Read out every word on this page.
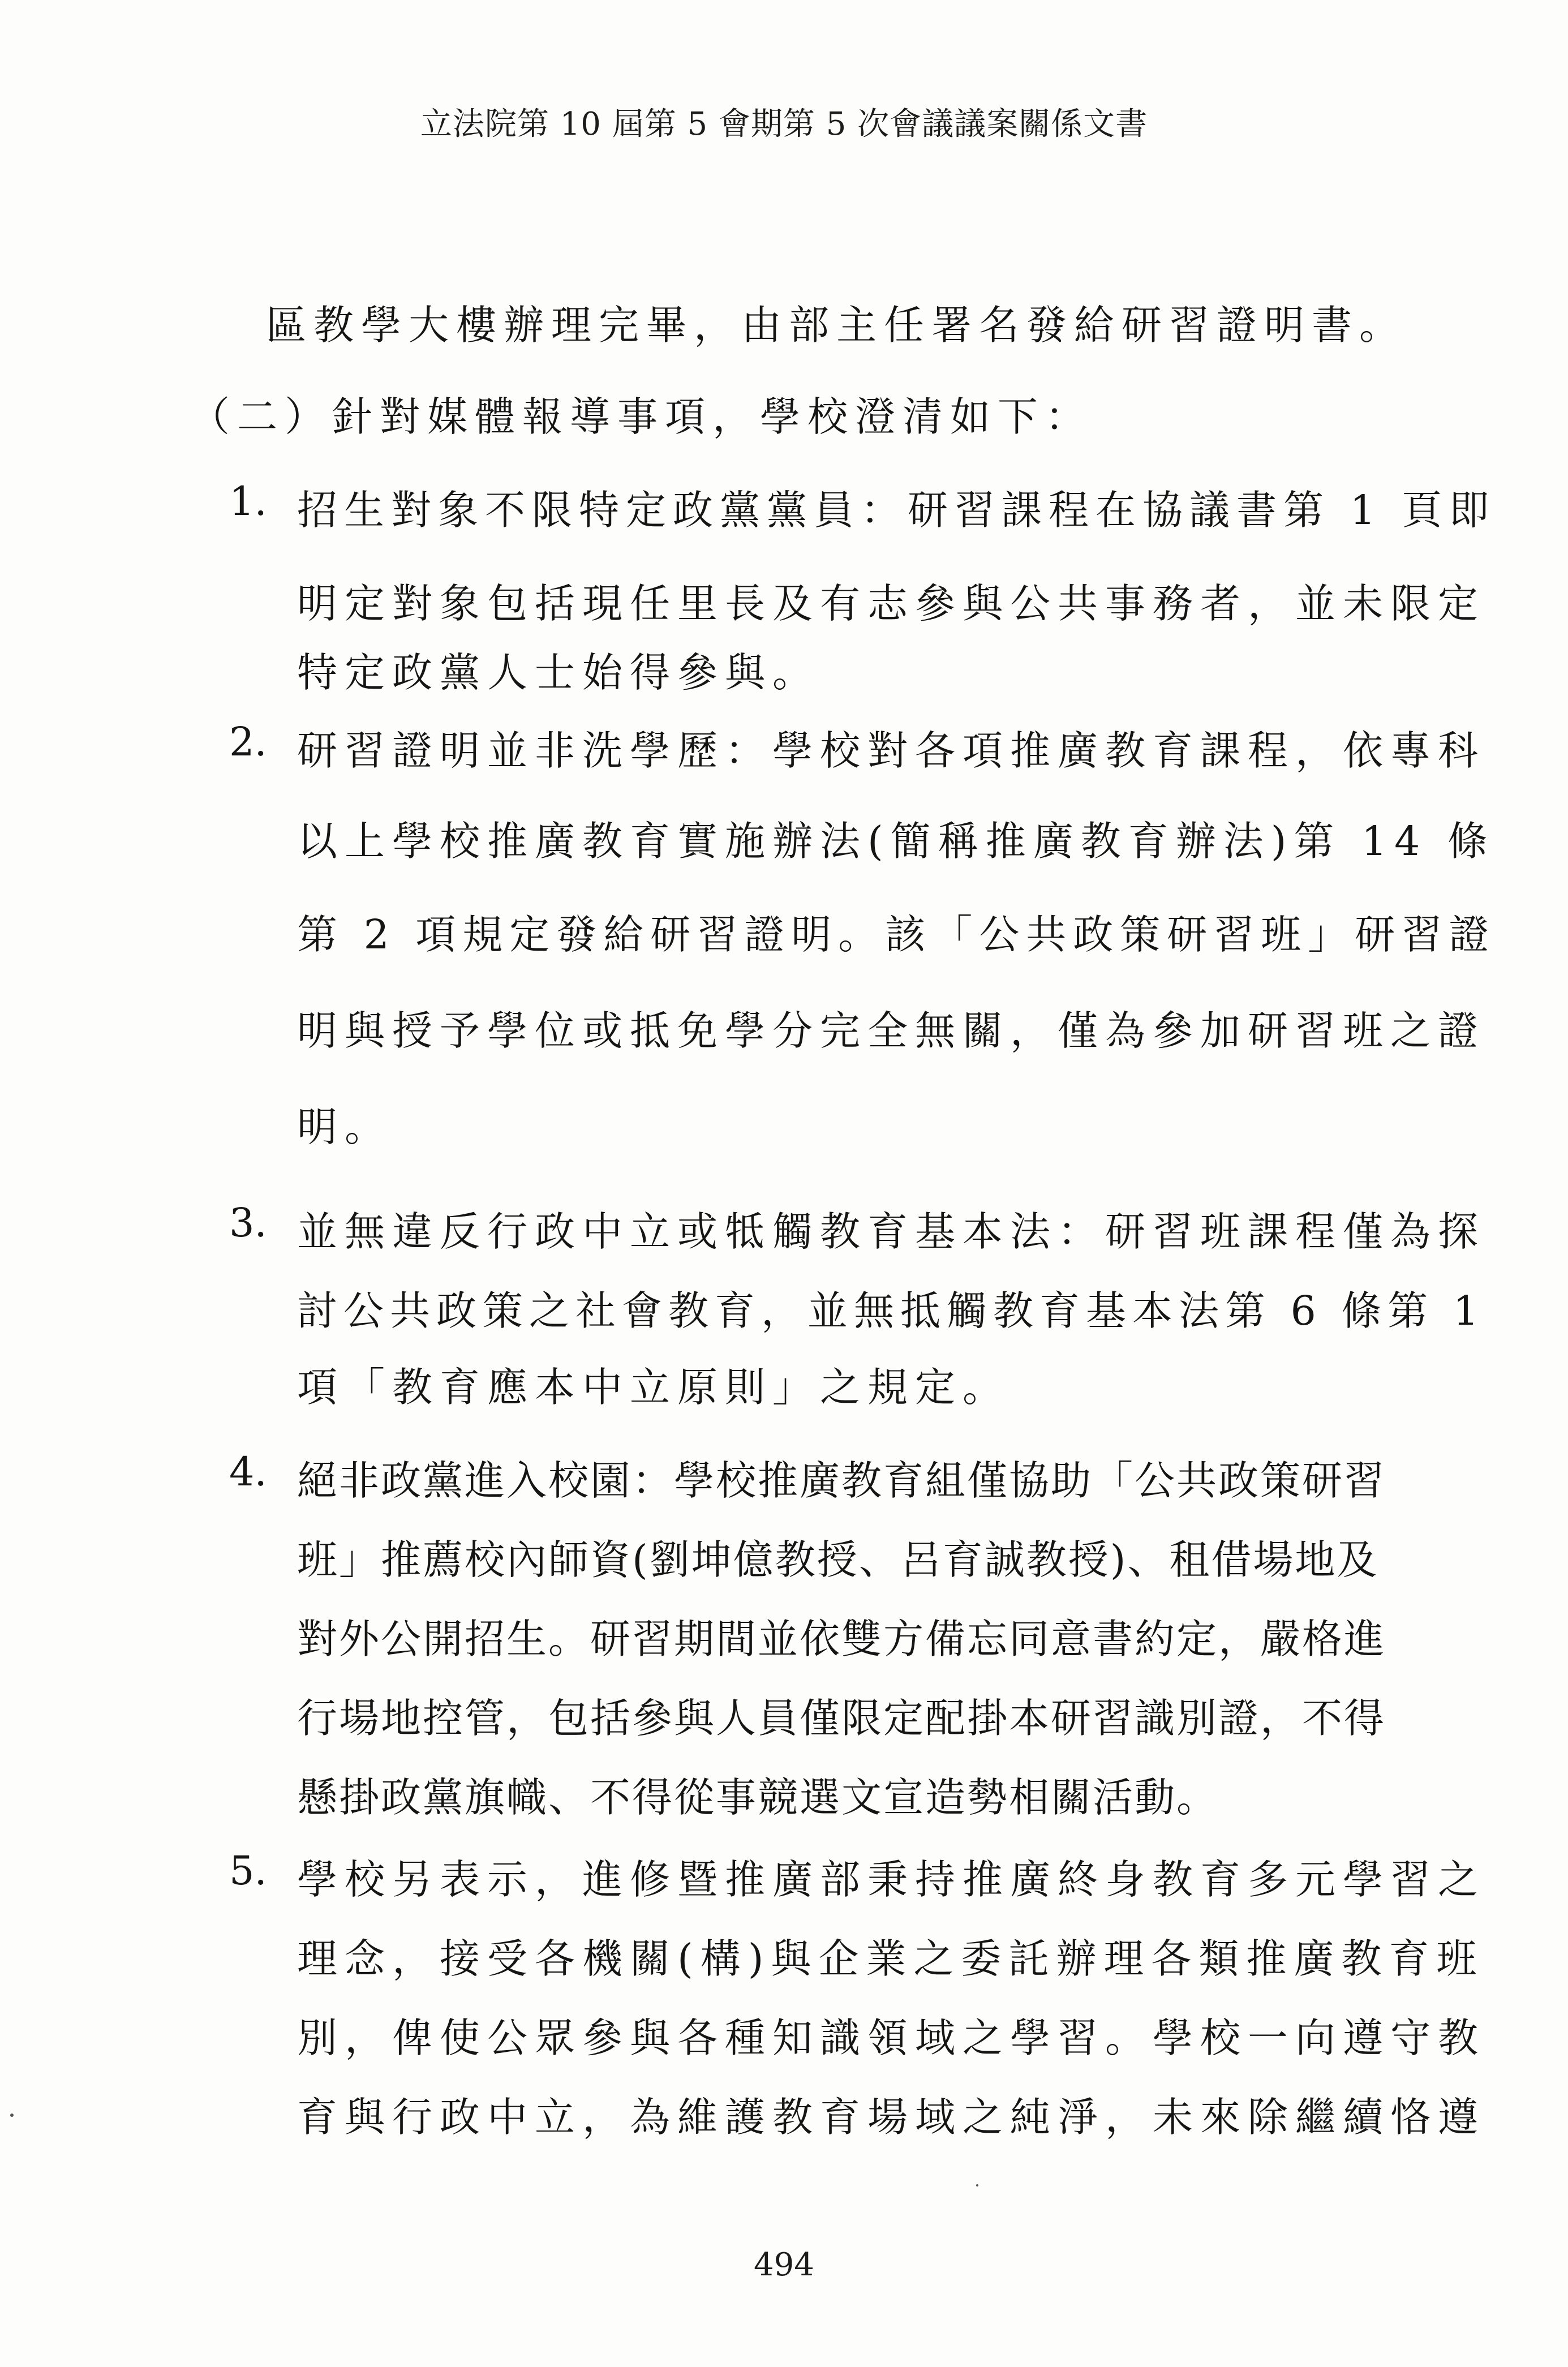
立法院第 10 屆第 5 會期第 5 次會議議案關係文書
區教學大樓辦理完畢，由部主任署名發給研習證明書。
（二）針對媒體報導事項，學校澄清如下：
1. 招生對象不限特定政黨黨員：研習課程在協議書第 1 頁即
明定對象包括現任里長及有志參與公共事務者，並未限定
特定政黨人士始得參與。
2. 研習證明並非洗學歷：學校對各項推廣教育課程，依專科
以上學校推廣教育實施辦法(簡稱推廣教育辦法)第 14 條
第 2 項規定發給研習證明。該「公共政策研習班」研習證
明與授予學位或抵免學分完全無關，僅為參加研習班之證
明。
3. 並無違反行政中立或牴觸教育基本法：研習班課程僅為探
討公共政策之社會教育，並無抵觸教育基本法第 6 條第 1
項「教育應本中立原則」之規定。
4. 絕非政黨進入校園：學校推廣教育組僅協助「公共政策研習
班」推薦校內師資(劉坤億教授、呂育誠教授)、租借場地及
對外公開招生。研習期間並依雙方備忘同意書約定，嚴格進
行場地控管，包括參與人員僅限定配掛本研習識別證，不得
懸掛政黨旗幟、不得從事競選文宣造勢相關活動。
5. 學校另表示，進修暨推廣部秉持推廣終身教育多元學習之
理念，接受各機關(構)與企業之委託辦理各類推廣教育班
別，俾使公眾參與各種知識領域之學習。學校一向遵守教
育與行政中立，為維護教育場域之純淨，未來除繼續恪遵
494
